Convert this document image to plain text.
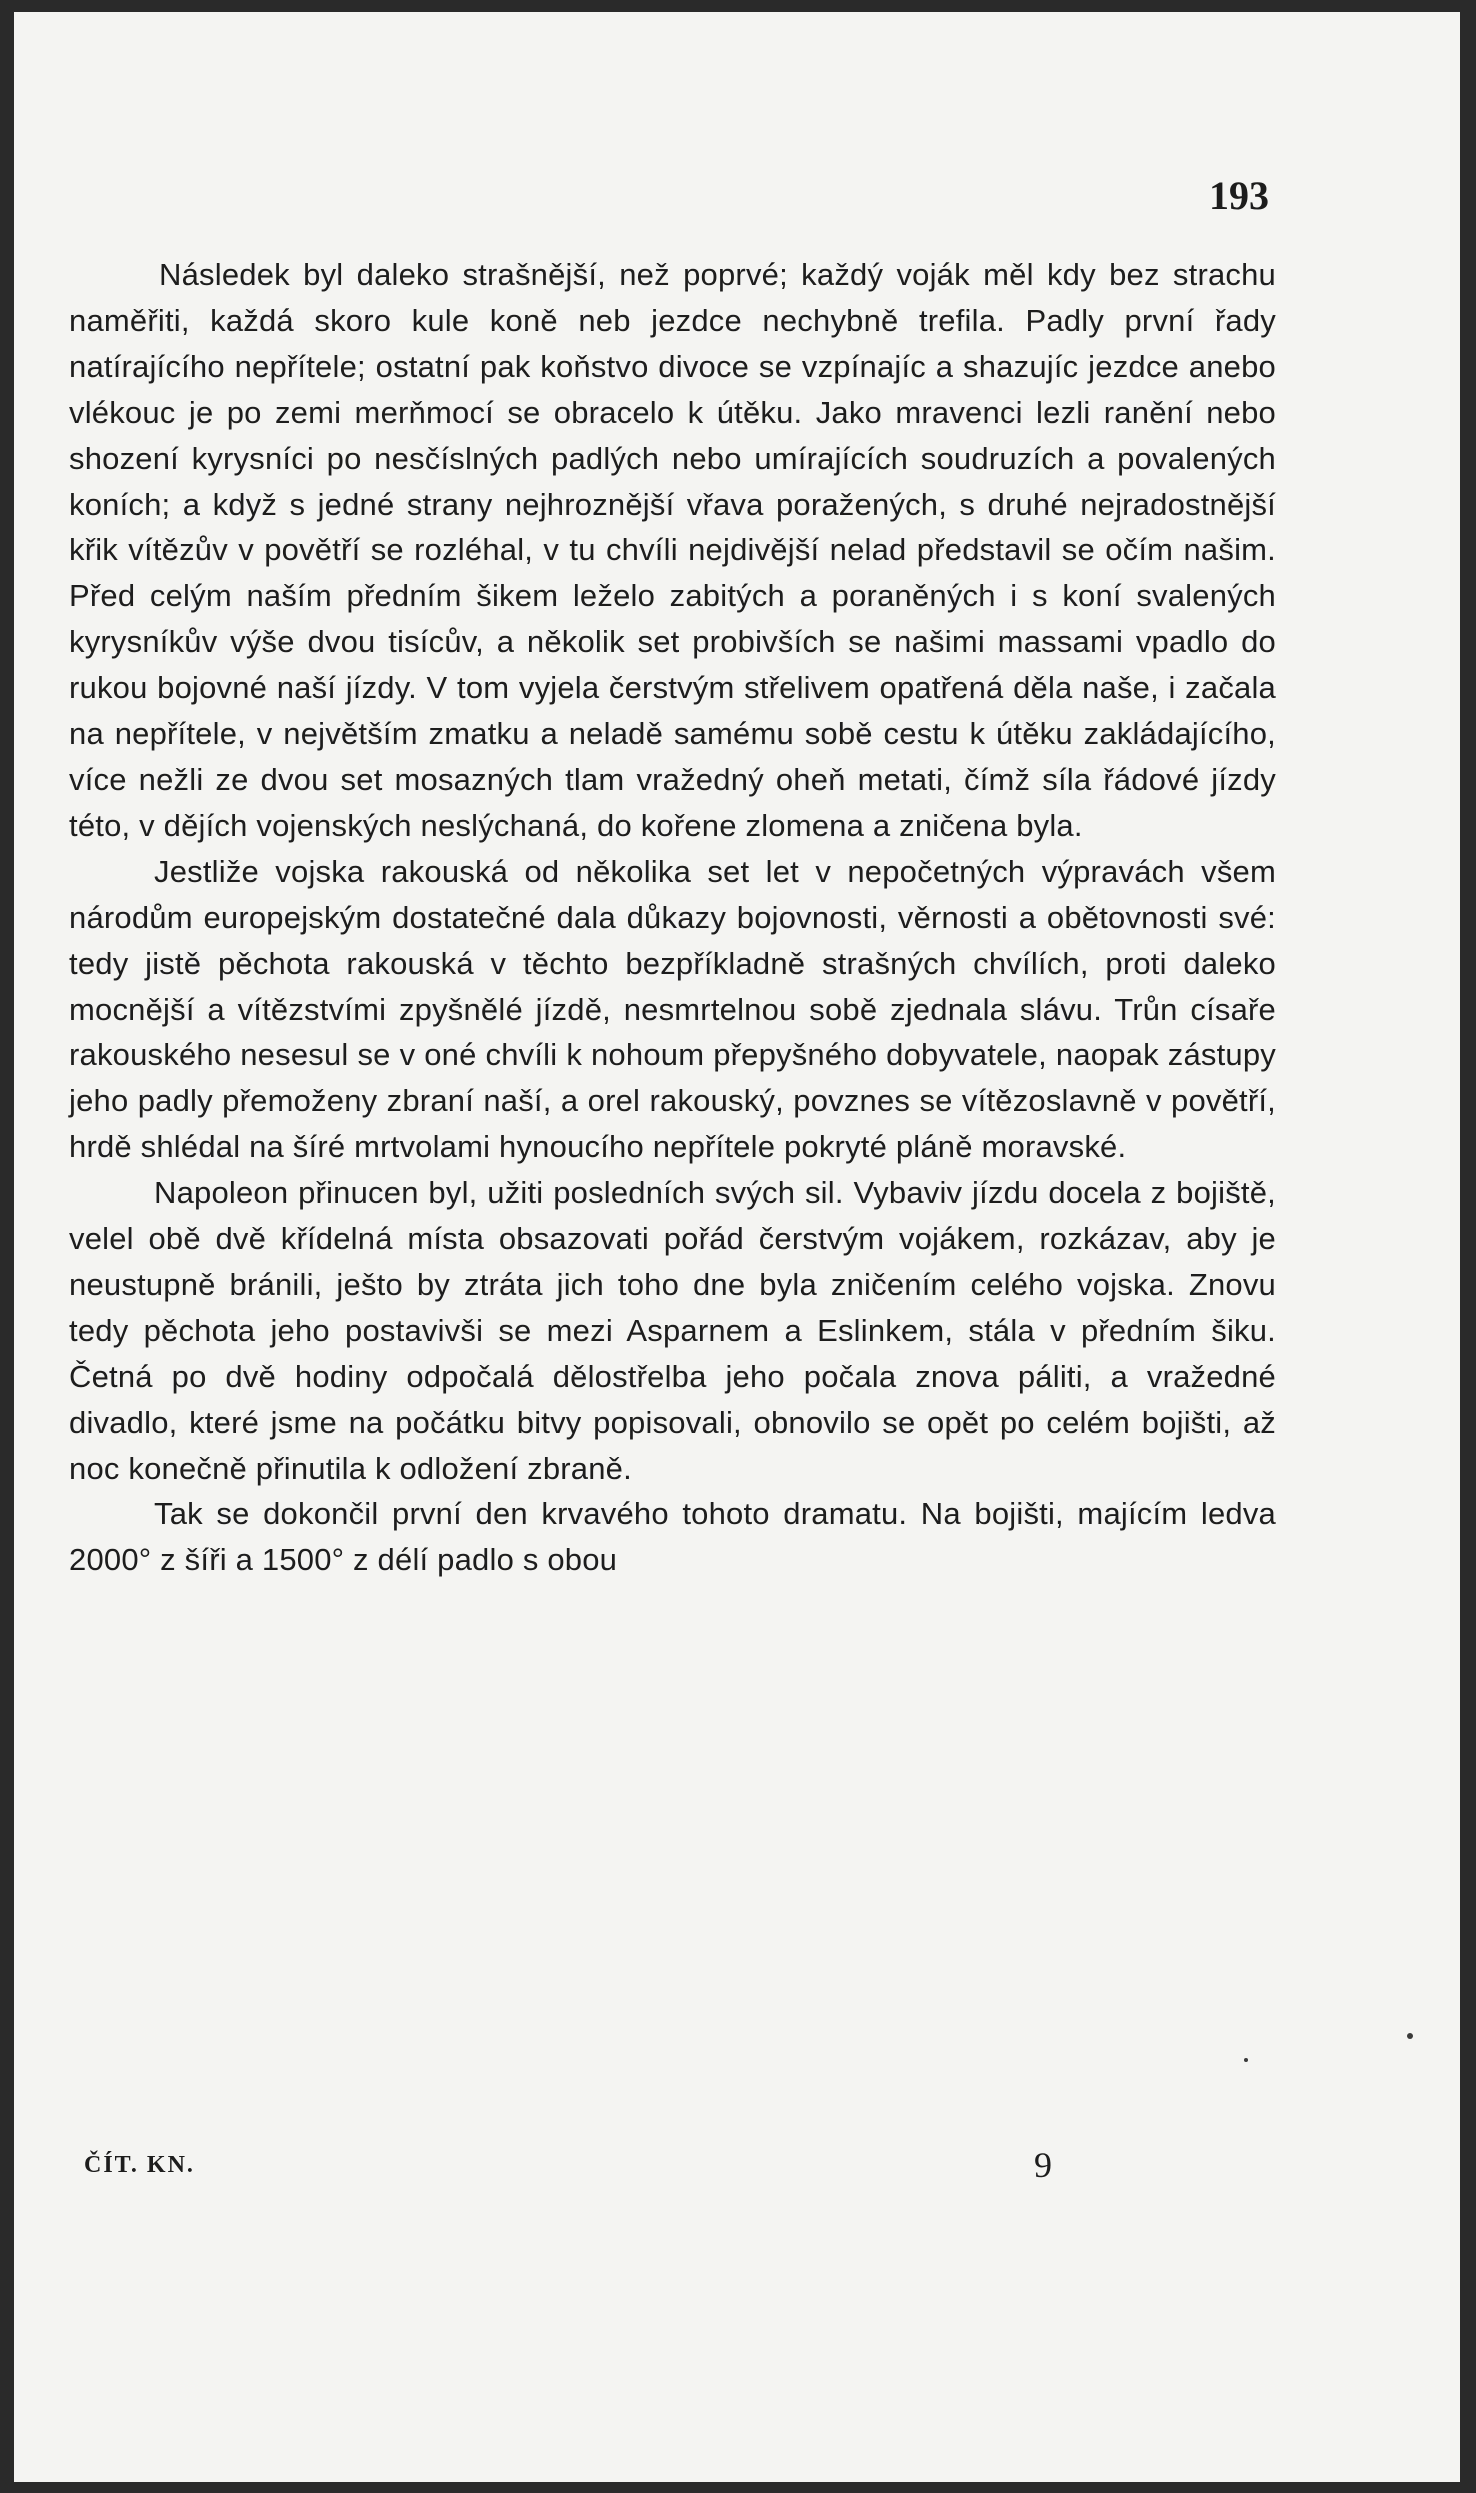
193

Následek byl daleko strašnější, než poprvé; každý voják měl kdy bez strachu naměřiti, každá skoro kule koně neb jezdce nechybně trefila. Padly první řady natírajícího nepřítele; ostatní pak koňstvo divoce se vzpínajíc a shazujíc jezdce anebo vlékouc je po zemi merňmocí se obracelo k útěku. Jako mravenci lezli ranění nebo shození kyrysníci po nesčíslných padlých nebo umírajících soudruzích a povalených koních; a když s jedné strany nejhroznější vřava poražených, s druhé nejradostnější křik vítězův v povětří se rozléhal, v tu chvíli nejdivější nelad představil se očím našim. Před celým naším předním šikem leželo zabitých a poraněných i s koní svalených kyrysníkův výše dvou tisícův, a několik set probivších se našimi massami vpadlo do rukou bojovné naší jízdy. V tom vyjela čerstvým střelivem opatřená děla naše, i začala na nepřítele, v největším zmatku a neladě samému sobě cestu k útěku zakládajícího, více nežli ze dvou set mosazných tlam vražedný oheň metati, čímž síla řádové jízdy této, v dějích vojenských neslýchaná, do kořene zlomena a zničena byla.

Jestliže vojska rakouská od několika set let v nepočetných výpravách všem národům europejským dostatečné dala důkazy bojovnosti, věrnosti a obětovnosti své: tedy jistě pěchota rakouská v těchto bezpříkladně strašných chvílích, proti daleko mocnější a vítězstvími zpyšnělé jízdě, nesmrtelnou sobě zjednala slávu. Trůn císaře rakouského nesesul se v oné chvíli k nohoum přepyšného dobyvatele, naopak zástupy jeho padly přemoženy zbraní naší, a orel rakouský, povznes se vítězoslavně v povětří, hrdě shlédal na šíré mrtvolami hynoucího nepřítele pokryté pláně moravské.

Napoleon přinucen byl, užiti posledních svých sil. Vybaviv jízdu docela z bojiště, velel obě dvě křídelná místa obsazovati pořád čerstvým vojákem, rozkázav, aby je neustupně bránili, ješto by ztráta jich toho dne byla zničením celého vojska. Znovu tedy pěchota jeho postavivši se mezi Asparnem a Eslinkem, stála v předním šiku. Četná po dvě hodiny odpočalá dělostřelba jeho počala znova páliti, a vražedné divadlo, které jsme na počátku bitvy popisovali, obnovilo se opět po celém bojišti, až noc konečně přinutila k odložení zbraně.

Tak se dokončil první den krvavého tohoto dramatu. Na bojišti, majícím ledva 2000° z šíři a 1500° z délí padlo s obou

ČÍT. KN.	9
